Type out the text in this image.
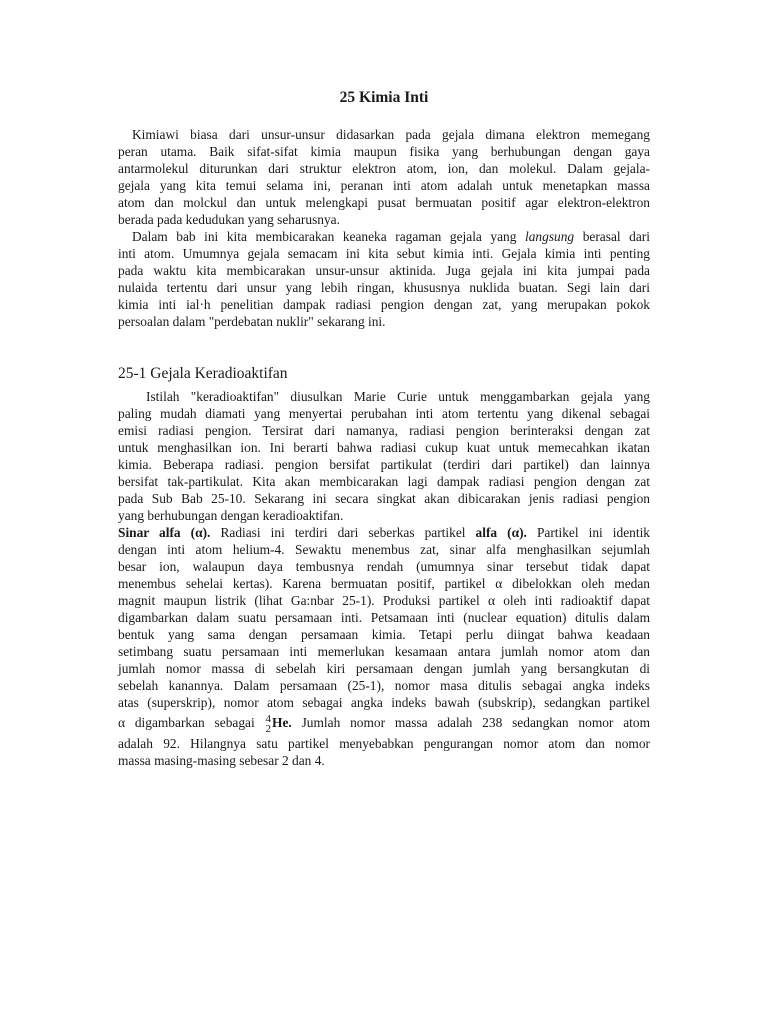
25 Kimia Inti
Kimiawi biasa dari unsur-unsur didasarkan pada gejala dimana elektron memegang
peran utama. Baik sifat-sifat kimia maupun fisika yang berhubungan dengan gaya
antarmolekul diturunkan dari struktur elektron atom, ion, dan molekul. Dalam gejala-
gejala yang kita temui selama ini, peranan inti atom adalah untuk menetapkan massa
atom dan molckul dan untuk melengkapi pusat bermuatan positif agar elektron-elektron
berada pada kedudukan yang seharusnya.
Dalam bab ini kita membicarakan keaneka ragaman gejala yang langsung berasal dari
inti atom. Umumnya gejala semacam ini kita sebut kimia inti. Gejala kimia inti penting
pada waktu kita membicarakan unsur-unsur aktinida. Juga gejala ini kita jumpai pada
nulaida tertentu dari unsur yang lebih ringan, khususnya nuklida buatan. Segi lain dari
kimia inti ial·h penelitian dampak radiasi pengion dengan zat, yang merupakan pokok
persoalan dalam "perdebatan nuklir" sekarang ini.
25-1 Gejala Keradioaktifan
Istilah "keradioaktifan" diusulkan Marie Curie untuk menggambarkan gejala yang
paling mudah diamati yang menyertai perubahan inti atom tertentu yang dikenal sebagai
emisi radiasi pengion. Tersirat dari namanya, radiasi pengion berinteraksi dengan zat
untuk menghasilkan ion. Ini berarti bahwa radiasi cukup kuat untuk memecahkan ikatan
kimia. Beberapa radiasi. pengion bersifat partikulat (terdiri dari partikel) dan lainnya
bersifat tak-partikulat. Kita akan membicarakan lagi dampak radiasi pengion dengan zat
pada Sub Bab 25-10. Sekarang ini secara singkat akan dibicarakan jenis radiasi pengion
yang berhubungan dengan keradioaktifan.
Sinar alfa (α). Radiasi ini terdiri dari seberkas partikel alfa (α). Partikel ini identik
dengan inti atom helium-4. Sewaktu menembus zat, sinar alfa menghasilkan sejumlah
besar ion, walaupun daya tembusnya rendah (umumnya sinar tersebut tidak dapat
menembus sehelai kertas). Karena bermuatan positif, partikel α dibelokkan oleh medan
magnit maupun listrik (lihat Ga:nbar 25-1). Produksi partikel α oleh inti radioaktif dapat
digambarkan dalam suatu persamaan inti. Petsamaan inti (nuclear equation) ditulis dalam
bentuk yang sama dengan persamaan kimia. Tetapi perlu diingat bahwa keadaan
setimbang suatu persamaan inti memerlukan kesamaan antara jumlah nomor atom dan
jumlah nomor massa di sebelah kiri persamaan dengan jumlah yang bersangkutan di
sebelah kanannya. Dalam persamaan (25-1), nomor masa ditulis sebagai angka indeks
atas (superskrip), nomor atom sebagai angka indeks bawah (subskrip), sedangkan partikel
α digambarkan sebagai 4
2 He. Jumlah nomor massa adalah 238 sedangkan nomor atom
adalah 92. Hilangnya satu partikel menyebabkan pengurangan nomor atom dan nomor
massa masing-masing sebesar 2 dan 4.
